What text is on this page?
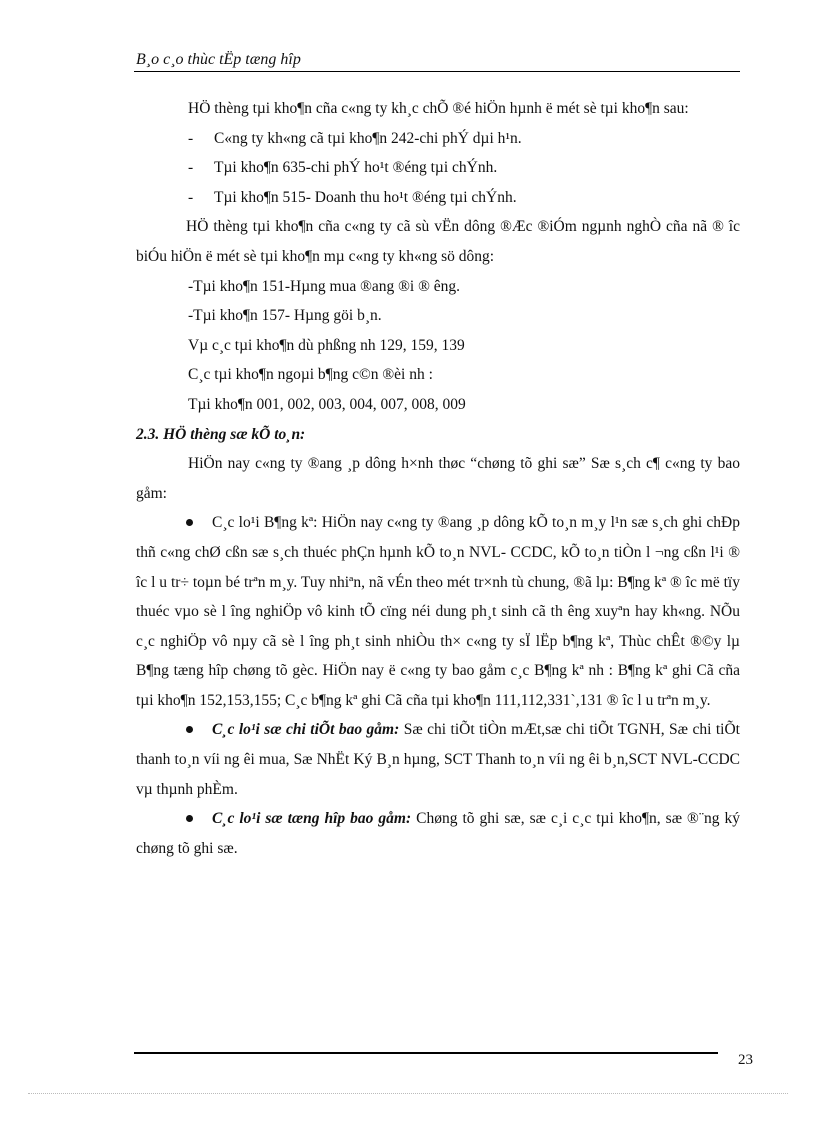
B¸o c¸o thùc tËp tæng hîp

HÖ thèng tµi kho¶n cña c«ng ty kh¸c chÕ ®é hiÖn hµnh ë mét sè tµi kho¶n sau:

- C«ng ty kh«ng cã tµi kho¶n 242-chi phÝ dµi h¹n.

- Tµi kho¶n 635-chi phÝ ho¹t ®éng tµi chÝnh.

- Tµi kho¶n 515- Doanh thu ho¹t ®éng tµi chÝnh.

HÖ thèng tµi kho¶n cña c«ng ty cã sù vËn dông ®Æc ®iÓm ngµnh nghÒ cña nã ® îc biÓu hiÖn ë mét sè tµi kho¶n mµ c«ng ty kh«ng sö dông:

-Tµi kho¶n 151-Hµng mua ®ang ®i ® êng.

-Tµi kho¶n 157- Hµng göi b¸n.

Vµ c¸c tµi kho¶n dù phßng nh 129, 159, 139

C¸c tµi kho¶n ngoµi b¶ng c©n ®èi nh :

Tµi kho¶n 001, 002, 003, 004, 007, 008, 009

2.3. HÖ thèng sæ kÕ to¸n:

HiÖn nay c«ng ty ®ang ¸p dông h×nh thøc “chøng tõ ghi sæ” Sæ s¸ch c¶ c«ng ty bao gåm:

C¸c lo¹i B¶ng kª: HiÖn nay c«ng ty ®ang ¸p dông kÕ to¸n m¸y l¹n sæ s¸ch ghi chÐp thñ c«ng chØ cßn sæ s¸ch thuéc phÇn hµnh kÕ to¸n NVL- CCDC, kÕ to¸n tiÒn l ¬ng cßn l¹i ® îc l u tr÷ toµn bé trªn m¸y. Tuy nhiªn, nã vÉn theo mét tr×nh tù chung, ®ã lµ: B¶ng kª ® îc më tïy thuéc vµo sè l îng nghiÖp vô kinh tÕ cïng néi dung ph¸t sinh cã th êng xuyªn hay kh«ng. NÕu c¸c nghiÖp vô nµy cã sè l îng ph¸t sinh nhiÒu th× c«ng ty sÏ lËp b¶ng kª, Thùc chÊt ®©y lµ B¶ng tæng hîp chøng tõ gèc. HiÖn nay ë c«ng ty bao gåm c¸c B¶ng kª nh : B¶ng kª ghi Cã cña tµi kho¶n 152,153,155; C¸c b¶ng kª ghi Cã cña tµi kho¶n 111,112,331`,131 ® îc l u trªn m¸y.

C¸c lo¹i sæ chi tiÕt bao gåm: Sæ chi tiÕt tiÒn mÆt,sæ chi tiÕt TGNH, Sæ chi tiÕt thanh to¸n víi ng êi mua, Sæ NhËt Ký B¸n hµng, SCT Thanh to¸n víi ng êi b¸n,SCT NVL-CCDC vµ thµnh phÈm.

C¸c lo¹i sæ tæng hîp bao gåm: Chøng tõ ghi sæ, sæ c¸i c¸c tµi kho¶n, sæ ®¨ng ký chøng tõ ghi sæ.

23
